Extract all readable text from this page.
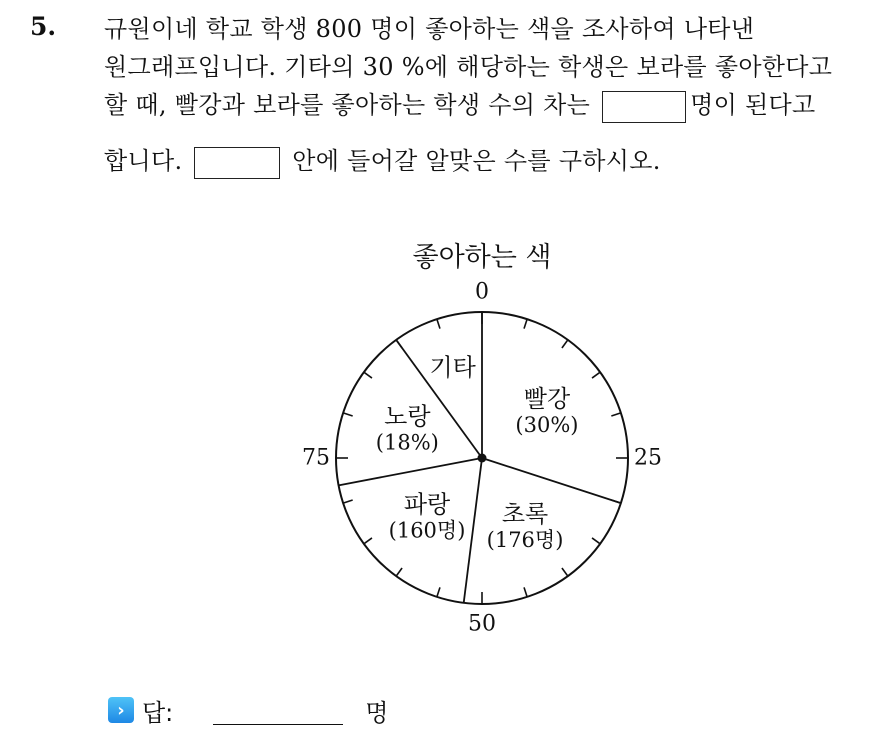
5. 규원이네 학교 학생 800 명이 좋아하는 색을 조사하여 나타낸
원그래프입니다. 기타의 30 %에 해당하는 학생은 보라를 좋아한다고
할 때, 빨강과 보라를 좋아하는 학생 수의 차는	명이 된다고
합니다.	안에 들어갈 알맞은 수를 구하시오.
좋아하는 색
0
25
50
75
빨강
(30%)
초록
(176명)
파랑
(160명)
노랑
(18%)
기타
› 답:	명
